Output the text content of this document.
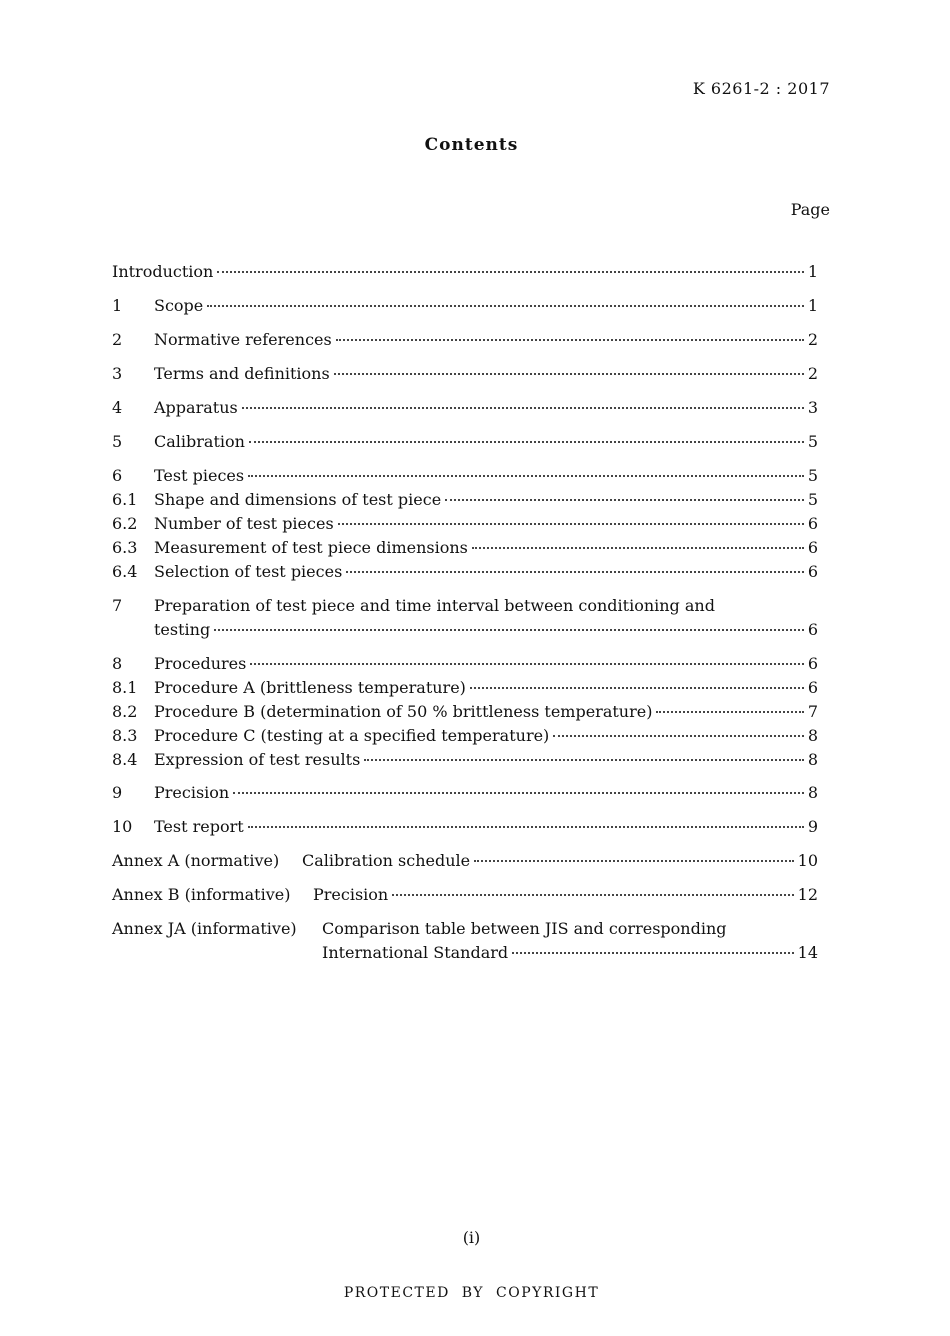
K 6261-2 : 2017
Contents
Page
Introduction	1
1	Scope	1
2	Normative references	2
3	Terms and definitions	2
4	Apparatus	3
5	Calibration	5
6	Test pieces	5
6.1	Shape and dimensions of test piece	5
6.2	Number of test pieces	6
6.3	Measurement of test piece dimensions	6
6.4	Selection of test pieces	6
7 Preparation of test piece and time interval between conditioning and
testing	6
8	Procedures	6
8.1	Procedure A (brittleness temperature)	6
8.2	Procedure B (determination of 50 % brittleness temperature)	7
8.3	Procedure C (testing at a specified temperature)	8
8.4	Expression of test results	8
9	Precision	8
10	Test report	9
Annex A (normative)	Calibration schedule	10
Annex B (informative)	Precision	12
Annex JA (informative) Comparison table between JIS and corresponding
International Standard	14
(i)
PROTECTED BY COPYRIGHT
